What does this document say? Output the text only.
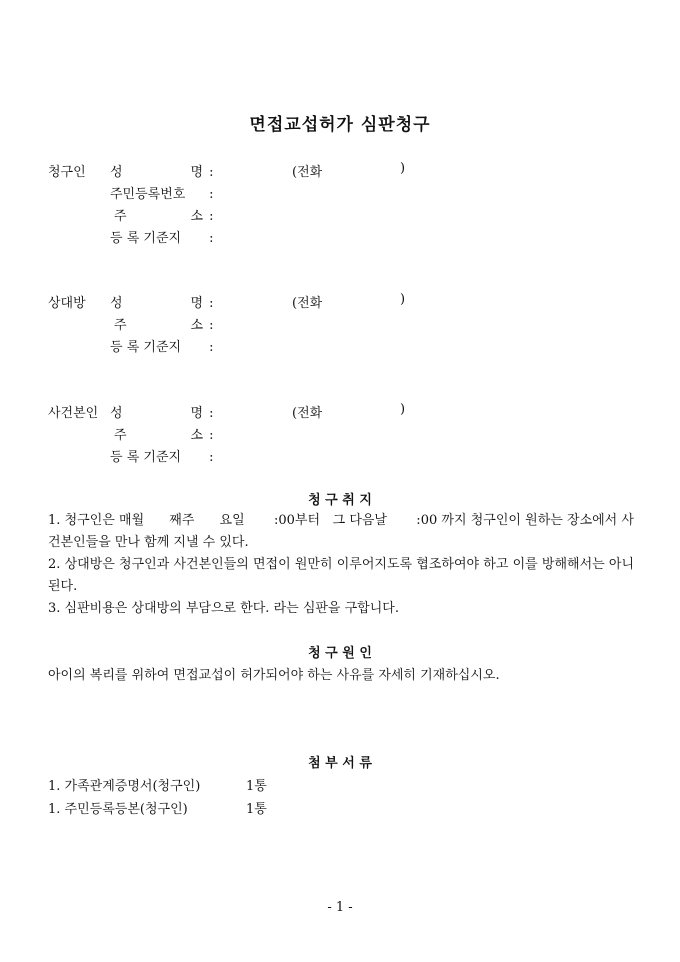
면접교섭허가 심판청구
청구인 성	명 :	(전화	)
주민등록번호 :
주	소 :
등 록 기준지 :
상대방 성	명 :	(전화	)
주	소 :
등 록 기준지 :
사건본인 성	명 :	(전화	)
주	소 :
등 록 기준지 :
청 구 취 지
1. 청구인은 매월      째주      요일       :00부터   그 다음날       :00 까지 청구인이 원하는 장소에서 사건본인들을 만나 함께 지낼 수 있다.
2. 상대방은 청구인과 사건본인들의 면접이 원만히 이루어지도록 협조하여야 하고 이를 방해해서는 아니된다.
3. 심판비용은 상대방의 부담으로 한다. 라는 심판을 구합니다.
청 구 원 인
아이의 복리를 위하여 면접교섭이 허가되어야 하는 사유를 자세히 기재하십시오.
첨 부 서 류
1. 가족관계증명서(청구인)	1통
1. 주민등록등본(청구인)	1통
- 1 -
